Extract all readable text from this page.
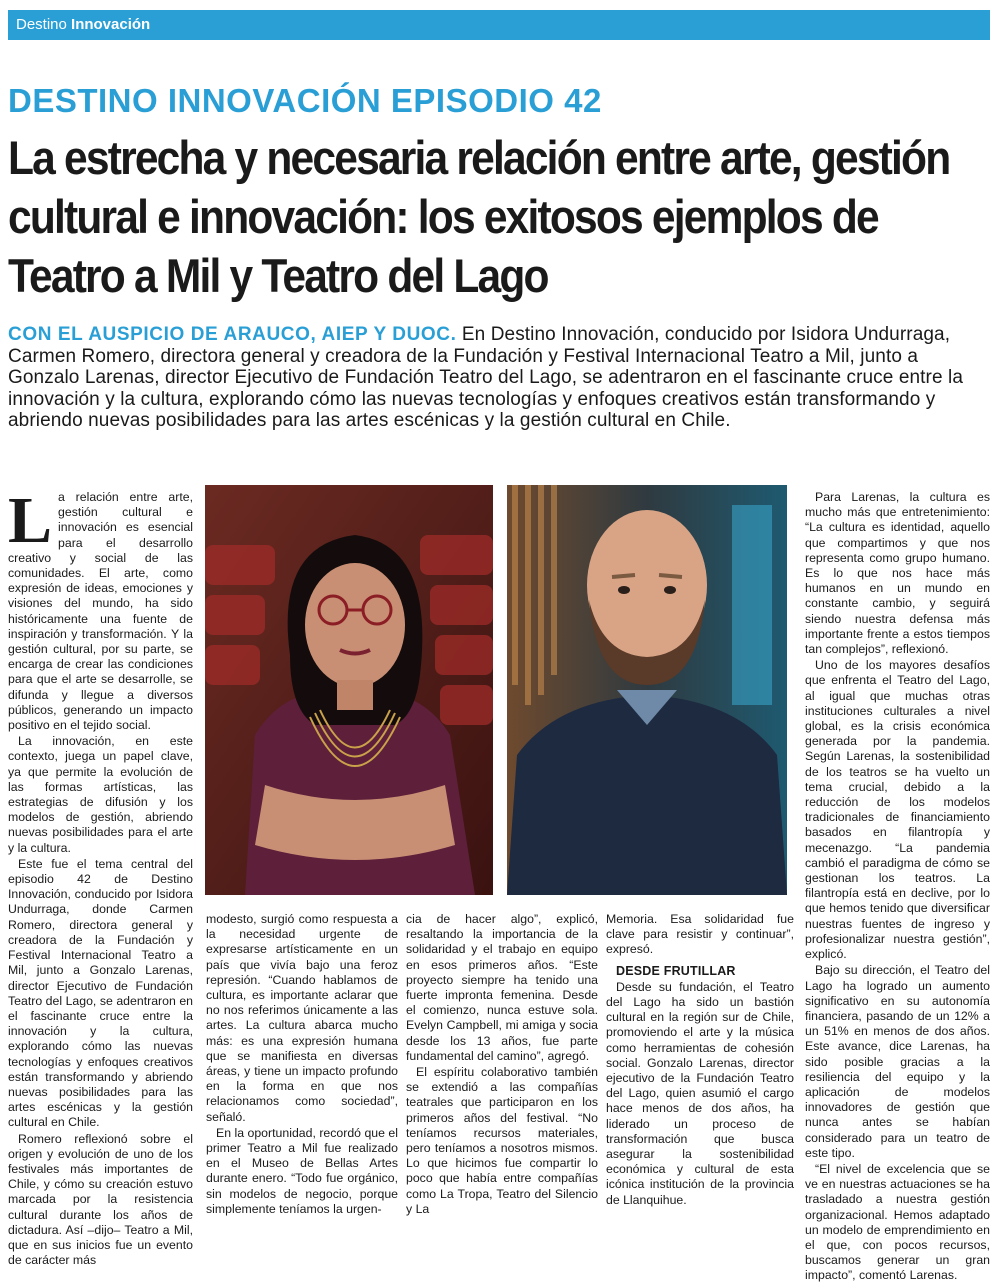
Destino Innovación
DESTINO INNOVACIÓN EPISODIO 42
La estrecha y necesaria relación entre arte, gestión cultural e innovación: los exitosos ejemplos de Teatro a Mil y Teatro del Lago
CON EL AUSPICIO DE ARAUCO, AIEP Y DUOC. En Destino Innovación, conducido por Isidora Undurraga, Carmen Romero, directora general y creadora de la Fundación y Festival Internacional Teatro a Mil, junto a Gonzalo Larenas, director Ejecutivo de Fundación Teatro del Lago, se adentraron en el fascinante cruce entre la innovación y la cultura, explorando cómo las nuevas tecnologías y enfoques creativos están transformando y abriendo nuevas posibilidades para las artes escénicas y la gestión cultural en Chile.
L a relación entre arte, gestión cultural e innovación es esencial para el desarrollo creativo y social de las comunidades. El arte, como expresión de ideas, emociones y visiones del mundo, ha sido históricamente una fuente de inspiración y transformación. Y la gestión cultural, por su parte, se encarga de crear las condiciones para que el arte se desarrolle, se difunda y llegue a diversos públicos, generando un impacto positivo en el tejido social.

La innovación, en este contexto, juega un papel clave, ya que permite la evolución de las formas artísticas, las estrategias de difusión y los modelos de gestión, abriendo nuevas posibilidades para el arte y la cultura.

Este fue el tema central del episodio 42 de Destino Innovación, conducido por Isidora Undurraga, donde Carmen Romero, directora general y creadora de la Fundación y Festival Internacional Teatro a Mil, junto a Gonzalo Larenas, director Ejecutivo de Fundación Teatro del Lago, se adentraron en el fascinante cruce entre la innovación y la cultura, explorando cómo las nuevas tecnologías y enfoques creativos están transformando y abriendo nuevas posibilidades para las artes escénicas y la gestión cultural en Chile.

Romero reflexionó sobre el origen y evolución de uno de los festivales más importantes de Chile, y cómo su creación estuvo marcada por la resistencia cultural durante los años de dictadura. Así –dijo– Teatro a Mil, que en sus inicios fue un evento de carácter más

modesto, surgió como respuesta a la necesidad urgente de expresarse artísticamente en un país que vivía bajo una feroz represión. “Cuando hablamos de cultura, es importante aclarar que no nos referimos únicamente a las artes. La cultura abarca mucho más: es una expresión humana que se manifiesta en diversas áreas, y tiene un impacto profundo en la forma en que nos relacionamos como sociedad”, señaló.

En la oportunidad, recordó que el primer Teatro a Mil fue realizado en el Museo de Bellas Artes durante enero. “Todo fue orgánico, sin modelos de negocio, porque simplemente teníamos la urgen-

cia de hacer algo”, explicó, resaltando la importancia de la solidaridad y el trabajo en equipo en esos primeros años. “Este proyecto siempre ha tenido una fuerte impronta femenina. Desde el comienzo, nunca estuve sola. Evelyn Campbell, mi amiga y socia desde los 13 años, fue parte fundamental del camino”, agregó.

El espíritu colaborativo también se extendió a las compañías teatrales que participaron en los primeros años del festival. “No teníamos recursos materiales, pero teníamos a nosotros mismos. Lo que hicimos fue compartir lo poco que había entre compañías como La Tropa, Teatro del Silencio y La

Memoria. Esa solidaridad fue clave para resistir y continuar”, expresó.

DESDE FRUTILLAR

Desde su fundación, el Teatro del Lago ha sido un bastión cultural en la región sur de Chile, promoviendo el arte y la música como herramientas de cohesión social. Gonzalo Larenas, director ejecutivo de la Fundación Teatro del Lago, quien asumió el cargo hace menos de dos años, ha liderado un proceso de transformación que busca asegurar la sostenibilidad económica y cultural de esta icónica institución de la provincia de Llanquihue.

Para Larenas, la cultura es mucho más que entretenimiento: “La cultura es identidad, aquello que compartimos y que nos representa como grupo humano. Es lo que nos hace más humanos en un mundo en constante cambio, y seguirá siendo nuestra defensa más importante frente a estos tiempos tan complejos”, reflexionó.

Uno de los mayores desafíos que enfrenta el Teatro del Lago, al igual que muchas otras instituciones culturales a nivel global, es la crisis económica generada por la pandemia. Según Larenas, la sostenibilidad de los teatros se ha vuelto un tema crucial, debido a la reducción de los modelos tradicionales de financiamiento basados en filantropía y mecenazgo. “La pandemia cambió el paradigma de cómo se gestionan los teatros. La filantropía está en declive, por lo que hemos tenido que diversificar nuestras fuentes de ingreso y profesionalizar nuestra gestión”, explicó.

Bajo su dirección, el Teatro del Lago ha logrado un aumento significativo en su autonomía financiera, pasando de un 12% a un 51% en menos de dos años. Este avance, dice Larenas, ha sido posible gracias a la resiliencia del equipo y la aplicación de modelos innovadores de gestión que nunca antes se habían considerado para un teatro de este tipo.

“El nivel de excelencia que se ve en nuestras actuaciones se ha trasladado a nuestra gestión organizacional. Hemos adaptado un modelo de emprendimiento en el que, con pocos recursos, buscamos generar un gran impacto”, comentó Larenas.
